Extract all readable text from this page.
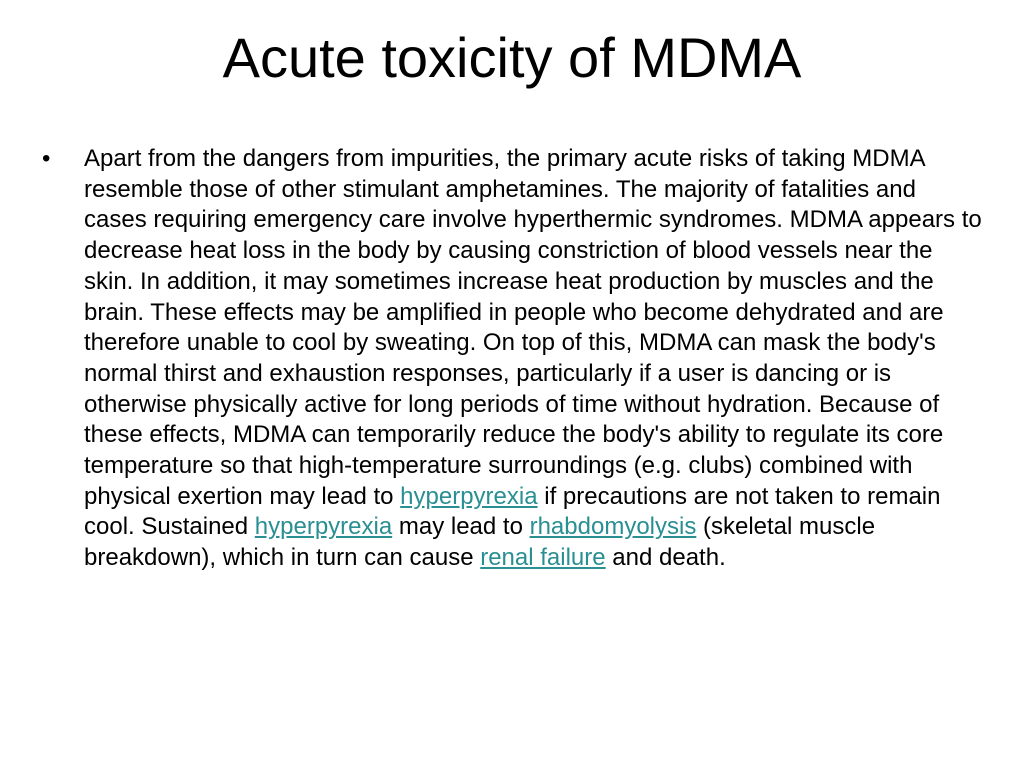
Acute toxicity of MDMA
•	Apart from the dangers from impurities, the primary acute risks of taking MDMA resemble those of other stimulant amphetamines. The majority of fatalities and cases requiring emergency care involve hyperthermic syndromes. MDMA appears to decrease heat loss in the body by causing constriction of blood vessels near the skin. In addition, it may sometimes increase heat production by muscles and the brain. These effects may be amplified in people who become dehydrated and are therefore unable to cool by sweating. On top of this, MDMA can mask the body's normal thirst and exhaustion responses, particularly if a user is dancing or is otherwise physically active for long periods of time without hydration. Because of these effects, MDMA can temporarily reduce the body's ability to regulate its core temperature so that high-temperature surroundings (e.g. clubs) combined with physical exertion may lead to hyperpyrexia if precautions are not taken to remain cool. Sustained hyperpyrexia may lead to rhabdomyolysis (skeletal muscle breakdown), which in turn can cause renal failure and death.
